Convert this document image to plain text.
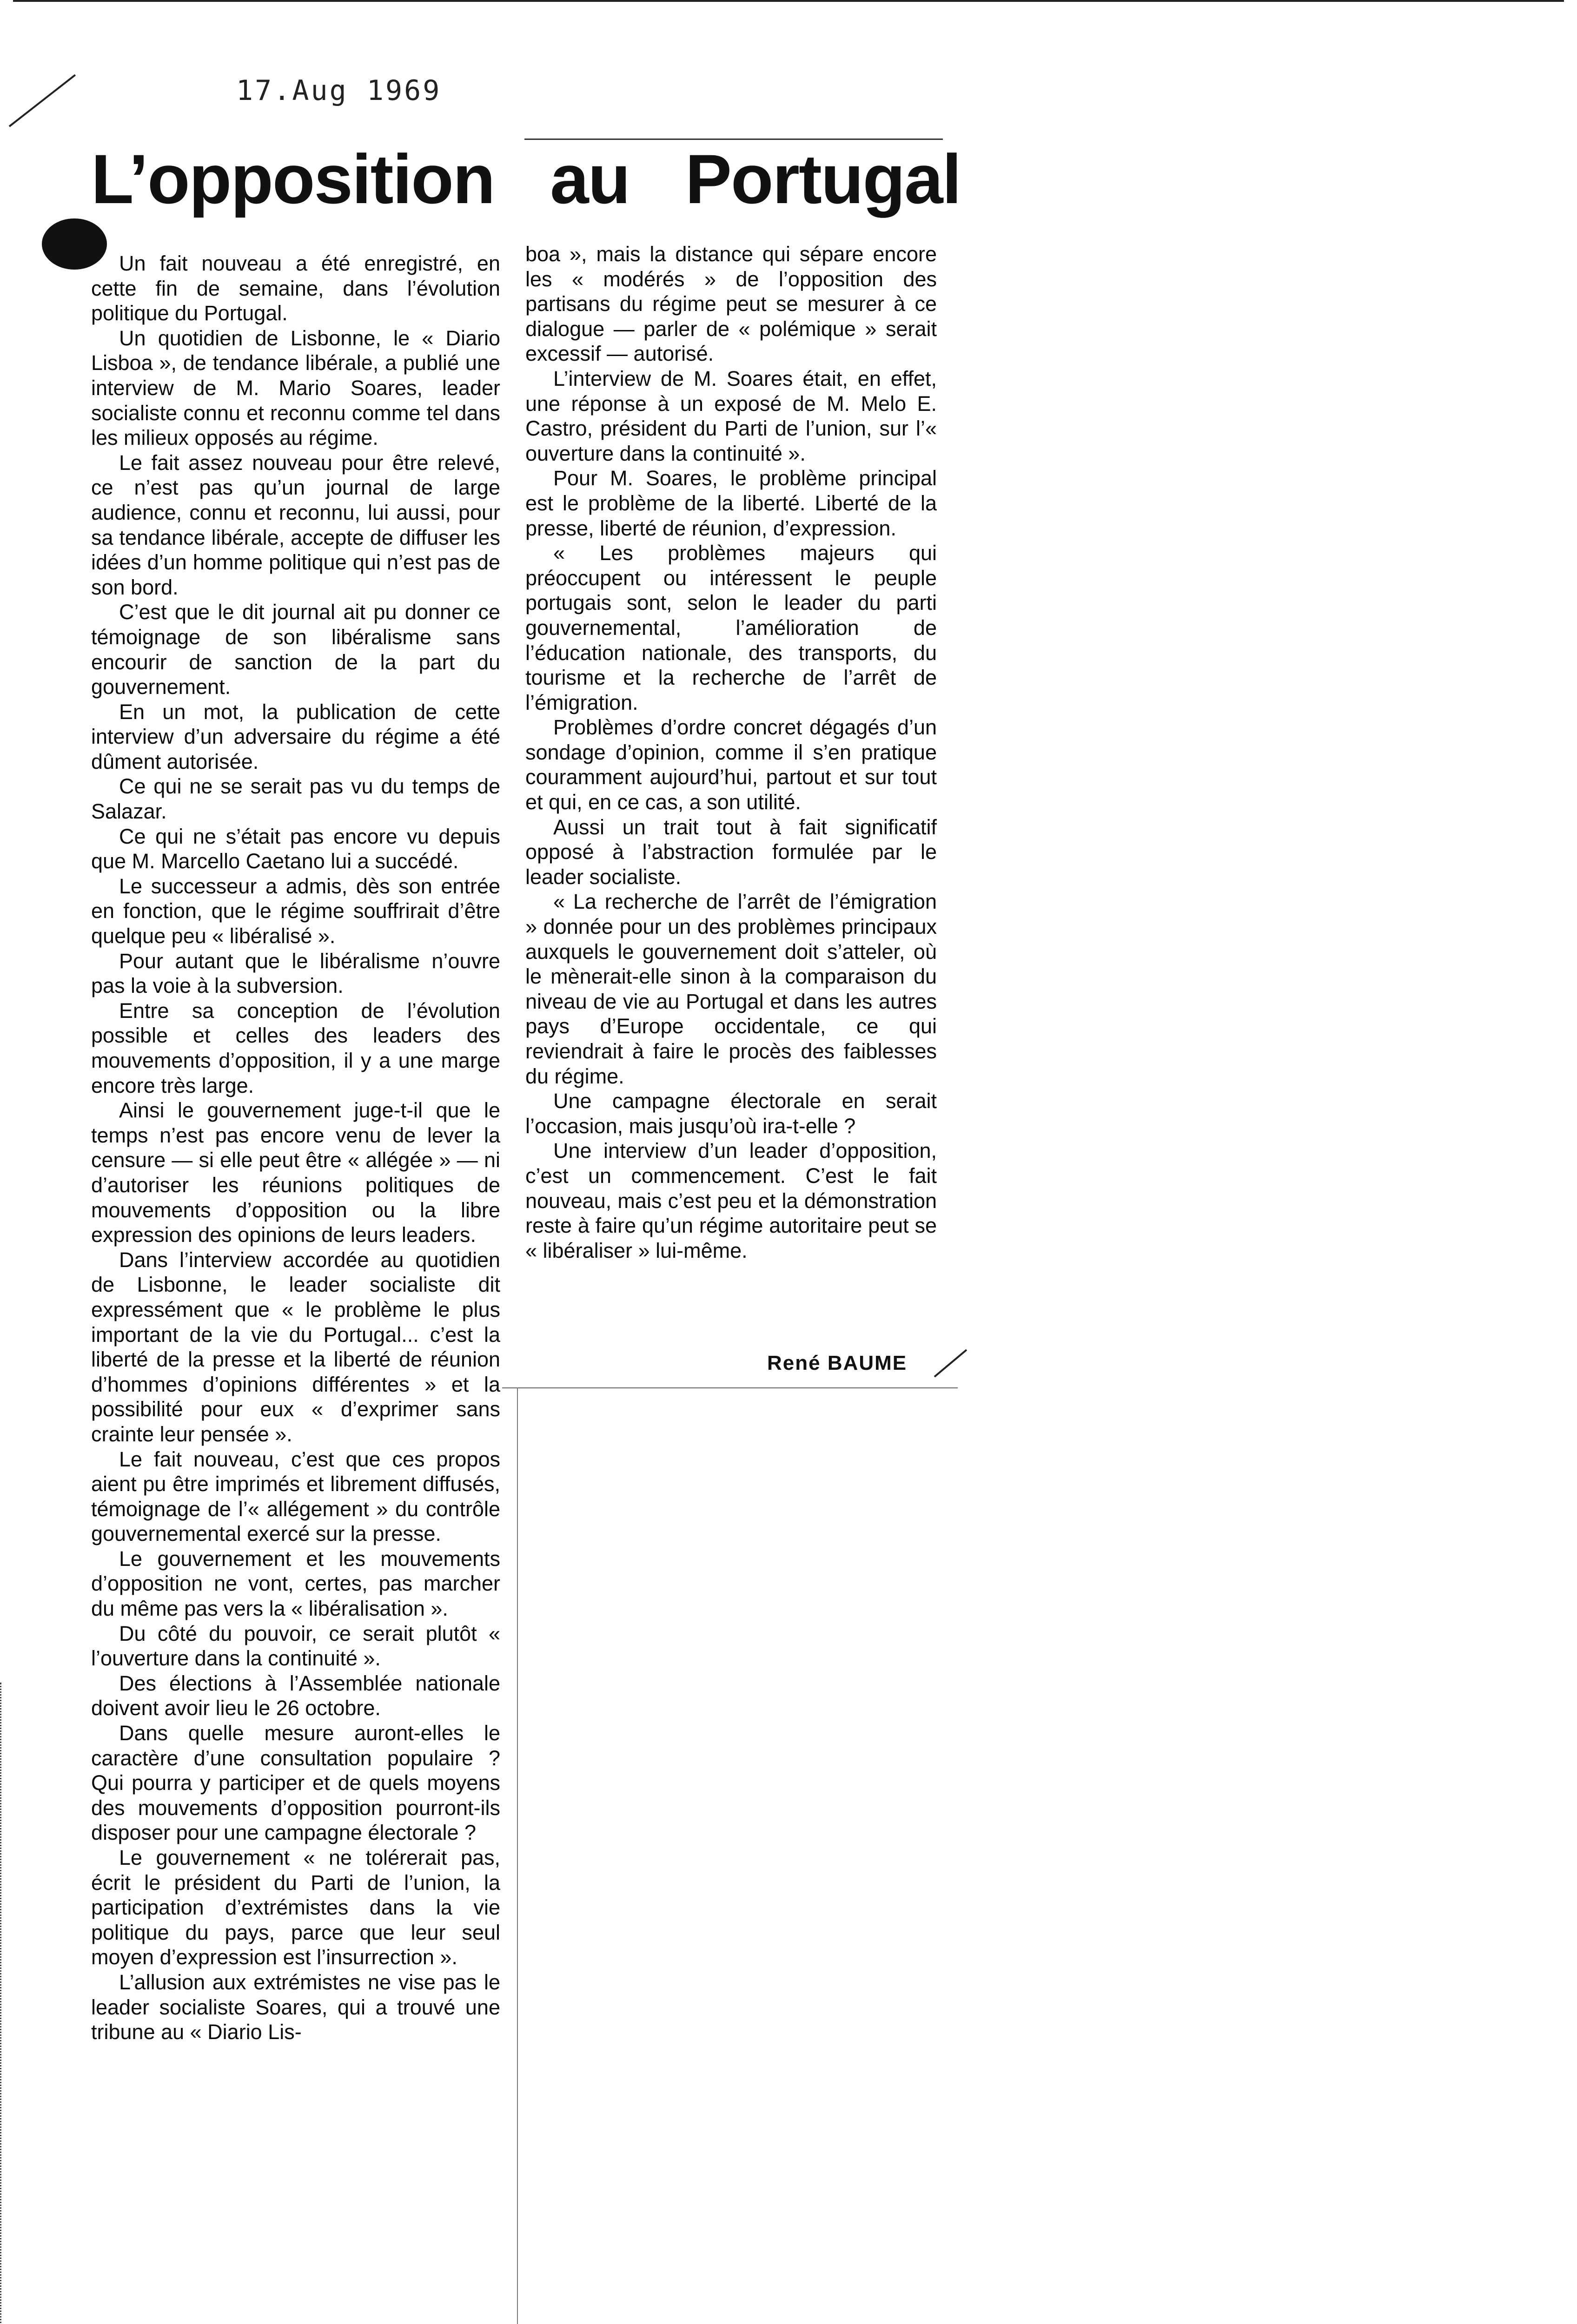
17.Aug 1969
L’opposition au Portugal

Un fait nouveau a été enregistré, en cette fin de semaine, dans l’évolution politique du Portugal.

Un quotidien de Lisbonne, le « Diario Lisboa », de tendance libérale, a publié une interview de M. Mario Soares, leader socialiste connu et reconnu comme tel dans les milieux opposés au régime.

Le fait assez nouveau pour être relevé, ce n’est pas qu’un journal de large audience, connu et reconnu, lui aussi, pour sa tendance libérale, accepte de diffuser les idées d’un homme politique qui n’est pas de son bord.

C’est que le dit journal ait pu donner ce témoignage de son libéralisme sans encourir de sanction de la part du gouvernement.

En un mot, la publication de cette interview d’un adversaire du régime a été dûment autorisée.

Ce qui ne se serait pas vu du temps de Salazar.

Ce qui ne s’était pas encore vu depuis que M. Marcello Caetano lui a succédé.

Le successeur a admis, dès son entrée en fonction, que le régime souffrirait d’être quelque peu « libéralisé ».

Pour autant que le libéralisme n’ouvre pas la voie à la subversion.

Entre sa conception de l’évolution possible et celles des leaders des mouvements d’opposition, il y a une marge encore très large.

Ainsi le gouvernement juge-t-il que le temps n’est pas encore venu de lever la censure — si elle peut être « allégée » — ni d’autoriser les réunions politiques de mouvements d’opposition ou la libre expression des opinions de leurs leaders.

Dans l’interview accordée au quotidien de Lisbonne, le leader socialiste dit expressément que « le problème le plus important de la vie du Portugal... c’est la liberté de la presse et la liberté de réunion d’hommes d’opinions différentes » et la possibilité pour eux « d’exprimer sans crainte leur pensée ».

Le fait nouveau, c’est que ces propos aient pu être imprimés et librement diffusés, témoignage de l’« allégement » du contrôle gouvernemental exercé sur la presse.

Le gouvernement et les mouvements d’opposition ne vont, certes, pas marcher du même pas vers la « libéralisation ».

Du côté du pouvoir, ce serait plutôt « l’ouverture dans la continuité ».

Des élections à l’Assemblée nationale doivent avoir lieu le 26 octobre.

Dans quelle mesure auront-elles le caractère d’une consultation populaire ? Qui pourra y participer et de quels moyens des mouvements d’opposition pourront-ils disposer pour une campagne électorale ?

Le gouvernement « ne tolérerait pas, écrit le président du Parti de l’union, la participation d’extrémistes dans la vie politique du pays, parce que leur seul moyen d’expression est l’insurrection ».

L’allusion aux extrémistes ne vise pas le leader socialiste Soares, qui a trouvé une tribune au « Diario Lis-

boa », mais la distance qui sépare encore les « modérés » de l’opposition des partisans du régime peut se mesurer à ce dialogue — parler de « polémique » serait excessif — autorisé.

L’interview de M. Soares était, en effet, une réponse à un exposé de M. Melo E. Castro, président du Parti de l’union, sur l’« ouverture dans la continuité ».

Pour M. Soares, le problème principal est le problème de la liberté. Liberté de la presse, liberté de réunion, d’expression.

« Les problèmes majeurs qui préoccupent ou intéressent le peuple portugais sont, selon le leader du parti gouvernemental, l’amélioration de l’éducation nationale, des transports, du tourisme et la recherche de l’arrêt de l’émigration.

Problèmes d’ordre concret dégagés d’un sondage d’opinion, comme il s’en pratique couramment aujourd’hui, partout et sur tout et qui, en ce cas, a son utilité.

Aussi un trait tout à fait significatif opposé à l’abstraction formulée par le leader socialiste.

« La recherche de l’arrêt de l’émigration » donnée pour un des problèmes principaux auxquels le gouvernement doit s’atteler, où le mènerait-elle sinon à la comparaison du niveau de vie au Portugal et dans les autres pays d’Europe occidentale, ce qui reviendrait à faire le procès des faiblesses du régime.

Une campagne électorale en serait l’occasion, mais jusqu’où ira-t-elle ?

Une interview d’un leader d’opposition, c’est un commencement. C’est le fait nouveau, mais c’est peu et la démonstration reste à faire qu’un régime autoritaire peut se « libéraliser » lui-même.

René BAUME
